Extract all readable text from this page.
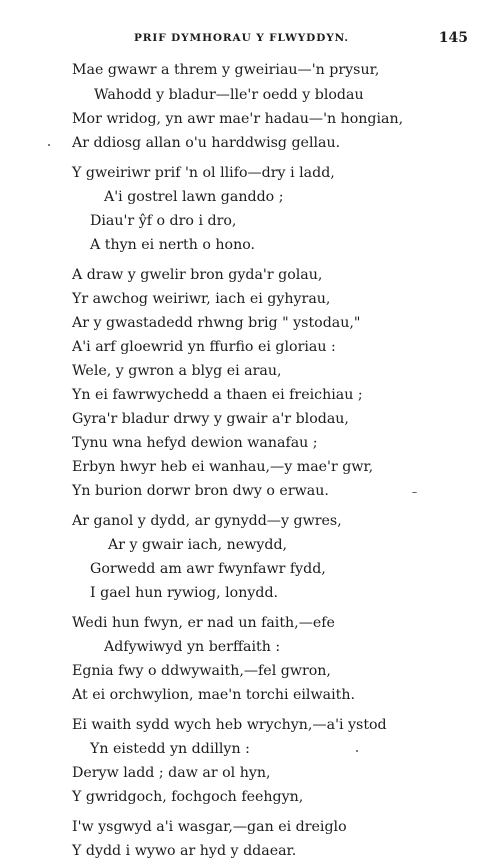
PRIF DYMHORAU Y FLWYDDYN.	145
Mae gwawr a threm y gweiriau—'n prysur,
Wahodd y bladur—lle'r oedd y blodau
Mor wridog, yn awr mae'r hadau—'n hongian,
Ar ddiosg allan o'u harddwisg gellau.
Y gweiriwr prif 'n ol llifo—dry i ladd,
A'i gostrel lawn ganddo ;
Diau'r ŷf o dro i dro,
A thyn ei nerth o hono.
A draw y gwelir bron gyda'r golau,
Yr awchog weiriwr, iach ei gyhyrau,
Ar y gwastadedd rhwng brig " ystodau,"
A'i arf gloewrid yn ffurfio ei gloriau :
Wele, y gwron a blyg ei arau,
Yn ei fawrwychedd a thaen ei freichiau ;
Gyra'r bladur drwy y gwair a'r blodau,
Tynu wna hefyd dewion wanafau ;
Erbyn hwyr heb ei wanhau,—y mae'r gwr,
Yn burion dorwr bron dwy o erwau.
Ar ganol y dydd, ar gynydd—y gwres,
Ar y gwair iach, newydd,
Gorwedd am awr fwynfawr fydd,
I gael hun rywiog, lonydd.
Wedi hun fwyn, er nad un faith,—efe
Adfywiwyd yn berffaith :
Egnia fwy o ddwywaith,—fel gwron,
At ei orchwylion, mae'n torchi eilwaith.
Ei waith sydd wych heb wrychyn,—a'i ystod
Yn eistedd yn ddillyn :
Deryw ladd ; daw ar ol hyn,
Y gwridgoch, fochgoch feehgyn,
I'w ysgwyd a'i wasgar,—gan ei dreiglo
Y dydd i wywo ar hyd y ddaear.
